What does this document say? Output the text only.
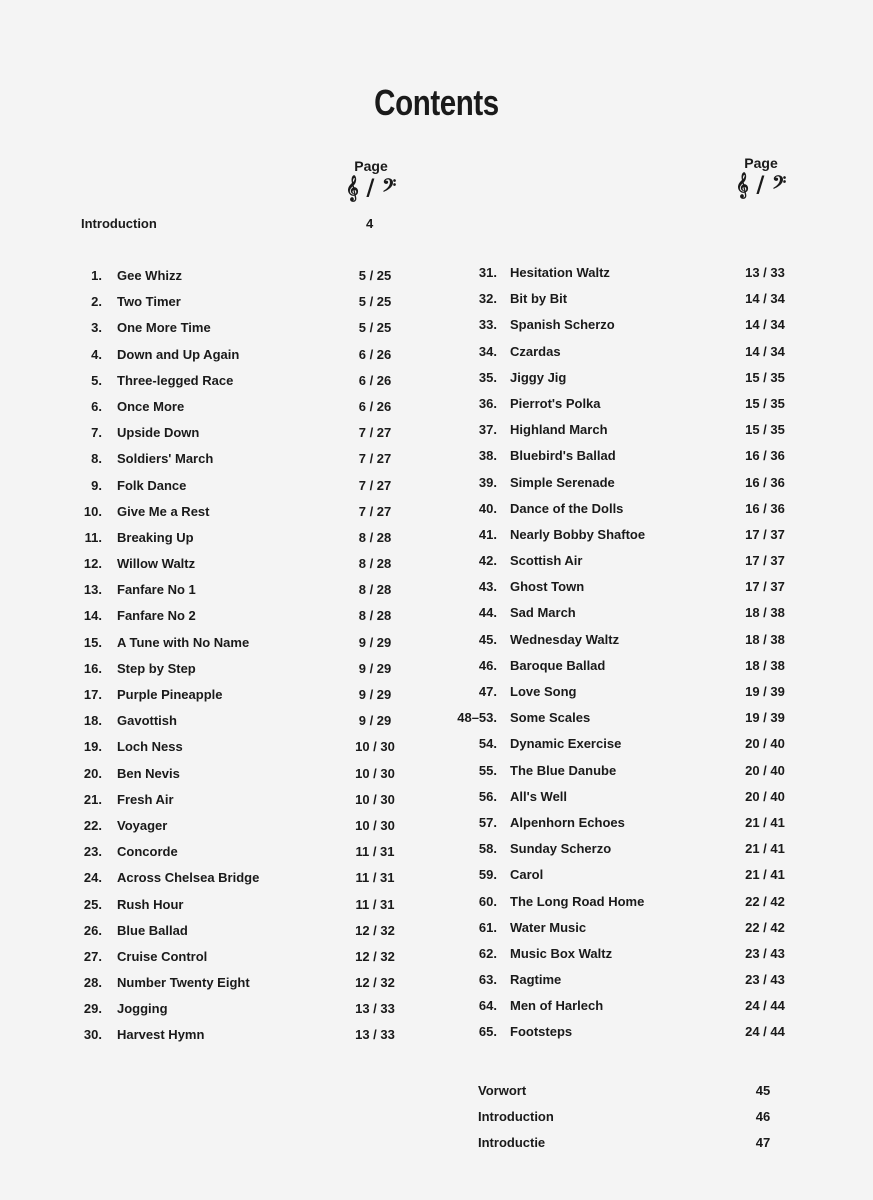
Contents
Page
𝄞 / 𝄢
Page
𝄞 / 𝄢
Introduction	4
1. Gee Whizz	5 / 25
2. Two Timer	5 / 25
3. One More Time	5 / 25
4. Down and Up Again	6 / 26
5. Three-legged Race	6 / 26
6. Once More	6 / 26
7. Upside Down	7 / 27
8. Soldiers' March	7 / 27
9. Folk Dance	7 / 27
10. Give Me a Rest	7 / 27
11. Breaking Up	8 / 28
12. Willow Waltz	8 / 28
13. Fanfare No 1	8 / 28
14. Fanfare No 2	8 / 28
15. A Tune with No Name	9 / 29
16. Step by Step	9 / 29
17. Purple Pineapple	9 / 29
18. Gavottish	9 / 29
19. Loch Ness	10 / 30
20. Ben Nevis	10 / 30
21. Fresh Air	10 / 30
22. Voyager	10 / 30
23. Concorde	11 / 31
24. Across Chelsea Bridge	11 / 31
25. Rush Hour	11 / 31
26. Blue Ballad	12 / 32
27. Cruise Control	12 / 32
28. Number Twenty Eight	12 / 32
29. Jogging	13 / 33
30. Harvest Hymn	13 / 33
31. Hesitation Waltz	13 / 33
32. Bit by Bit	14 / 34
33. Spanish Scherzo	14 / 34
34. Czardas	14 / 34
35. Jiggy Jig	15 / 35
36. Pierrot's Polka	15 / 35
37. Highland March	15 / 35
38. Bluebird's Ballad	16 / 36
39. Simple Serenade	16 / 36
40. Dance of the Dolls	16 / 36
41. Nearly Bobby Shaftoe	17 / 37
42. Scottish Air	17 / 37
43. Ghost Town	17 / 37
44. Sad March	18 / 38
45. Wednesday Waltz	18 / 38
46. Baroque Ballad	18 / 38
47. Love Song	19 / 39
48–53. Some Scales	19 / 39
54. Dynamic Exercise	20 / 40
55. The Blue Danube	20 / 40
56. All's Well	20 / 40
57. Alpenhorn Echoes	21 / 41
58. Sunday Scherzo	21 / 41
59. Carol	21 / 41
60. The Long Road Home	22 / 42
61. Water Music	22 / 42
62. Music Box Waltz	23 / 43
63. Ragtime	23 / 43
64. Men of Harlech	24 / 44
65. Footsteps	24 / 44
Vorwort	45
Introduction	46
Introductie	47
